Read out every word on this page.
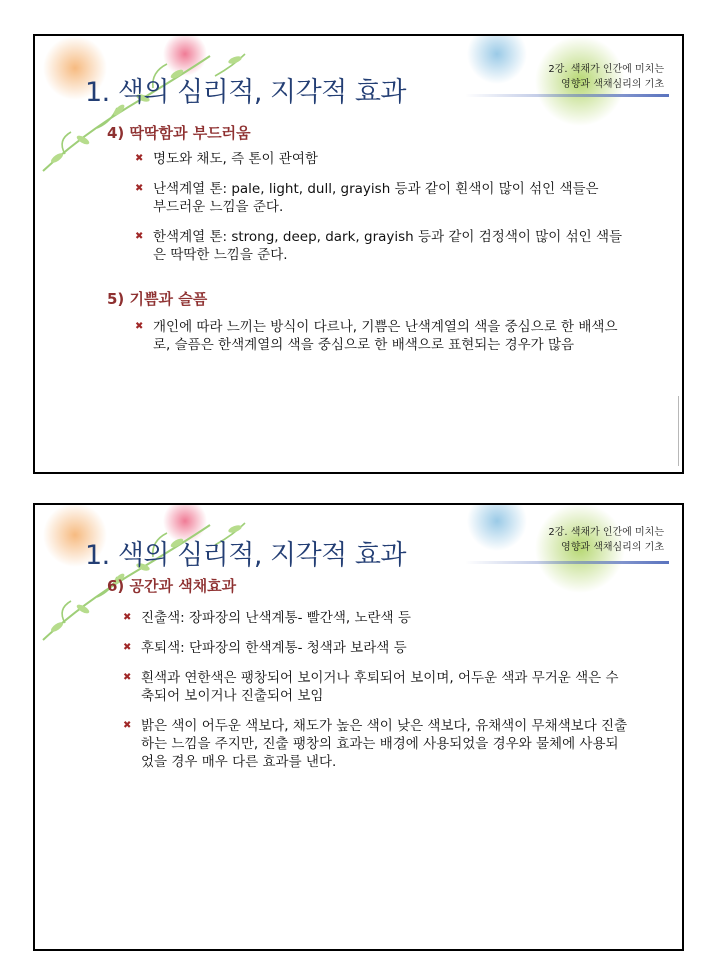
1. 색의 심리적, 지각적 효과
2강. 색채가 인간에 미치는
영향과 색채심리의 기초
4) 딱딱함과 부드러움
✖ 명도와 채도, 즉 톤이 관여함
✖ 난색계열 톤: pale, light, dull, grayish 등과 같이 흰색이 많이 섞인 색들은 부드러운 느낌을 준다.
✖ 한색계열 톤: strong, deep, dark, grayish 등과 같이 검정색이 많이 섞인 색들은 딱딱한 느낌을 준다.
5) 기쁨과 슬픔
✖ 개인에 따라 느끼는 방식이 다르나, 기쁨은 난색계열의 색을 중심으로 한 배색으로, 슬픔은 한색계열의 색을 중심으로 한 배색으로 표현되는 경우가 많음
1. 색의 심리적, 지각적 효과
2강. 색채가 인간에 미치는
영향과 색채심리의 기초
6) 공간과 색채효과
✖ 진출색: 장파장의 난색계통- 빨간색, 노란색 등
✖ 후퇴색: 단파장의 한색계통- 청색과 보라색 등
✖ 흰색과 연한색은 팽창되어 보이거나 후퇴되어 보이며, 어두운 색과 무거운 색은 수축되어 보이거나 진출되어 보임
✖ 밝은 색이 어두운 색보다, 채도가 높은 색이 낮은 색보다, 유채색이 무채색보다 진출하는 느낌을 주지만, 진출 팽창의 효과는 배경에 사용되었을 경우와 물체에 사용되었을 경우 매우 다른 효과를 낸다.
